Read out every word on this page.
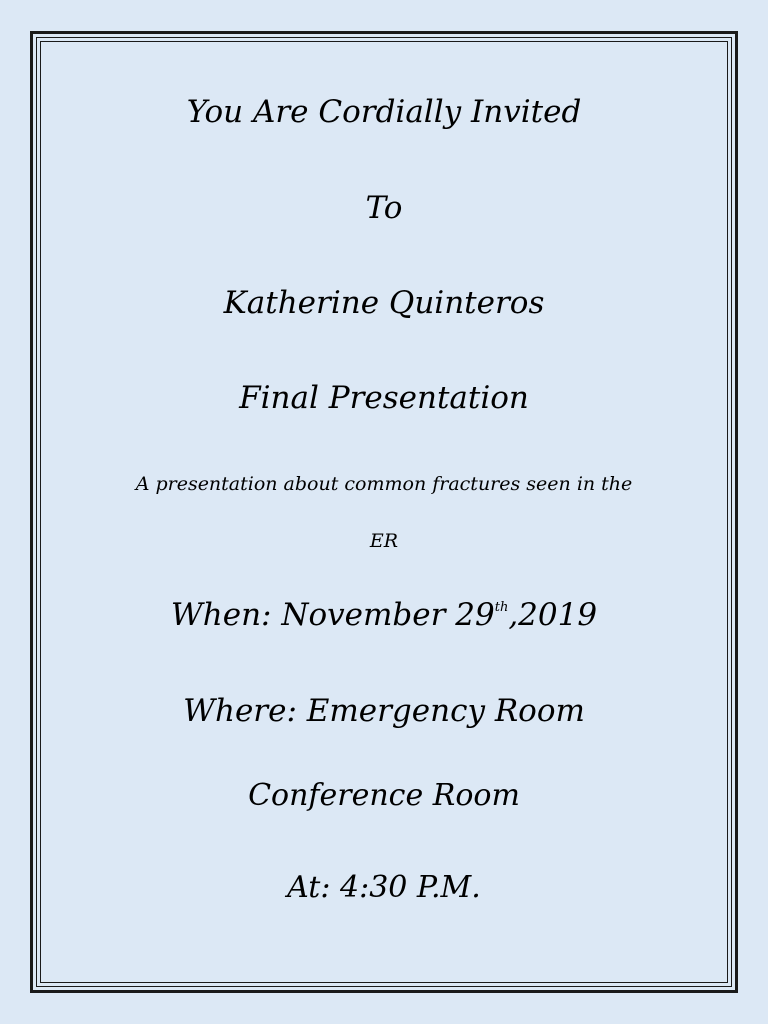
You Are Cordially Invited

To

Katherine Quinteros

Final Presentation

A presentation about common fractures seen in the

ER

When: November 29th,2019

Where: Emergency Room

Conference Room

At: 4:30 P.M.
